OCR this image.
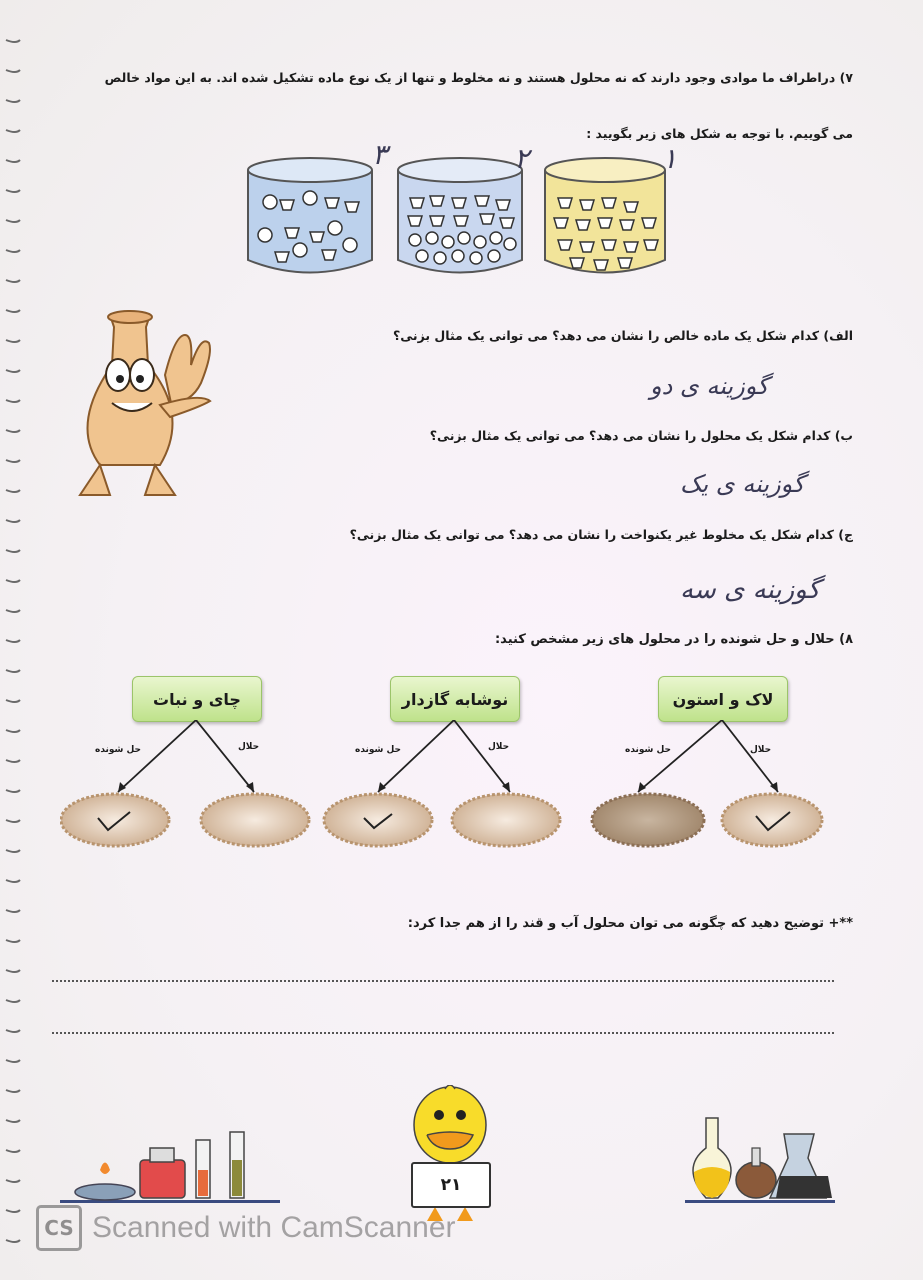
۷) دراطراف ما موادی وجود دارند که نه محلول هستند و نه مخلوط و تنها از یک نوع ماده تشکیل شده اند. به این مواد خالص
می گوییم. با توجه به شکل های زیر بگویید :
۳	۲	۱
الف) کدام شکل یک ماده خالص را نشان می دهد؟ می توانی یک مثال بزنی؟
گوزینه ی دو
ب) کدام شکل یک محلول را نشان می دهد؟ می توانی یک مثال بزنی؟
گوزینه ی یک
ج) کدام شکل یک مخلوط غیر یکنواخت را نشان می دهد؟ می توانی یک مثال بزنی؟
گوزینه ی سه
۸) حلال و حل شونده را در محلول های زیر مشخص کنید:
لاک و استون
نوشابه گازدار
چای و نبات
حل شونده	حلال	حل شونده	حلال	حل شونده	حلال
**+ توضیح دهید که چگونه می توان محلول آب و قند را از هم جدا کرد:
۲۱
CS Scanned with CamScanner
